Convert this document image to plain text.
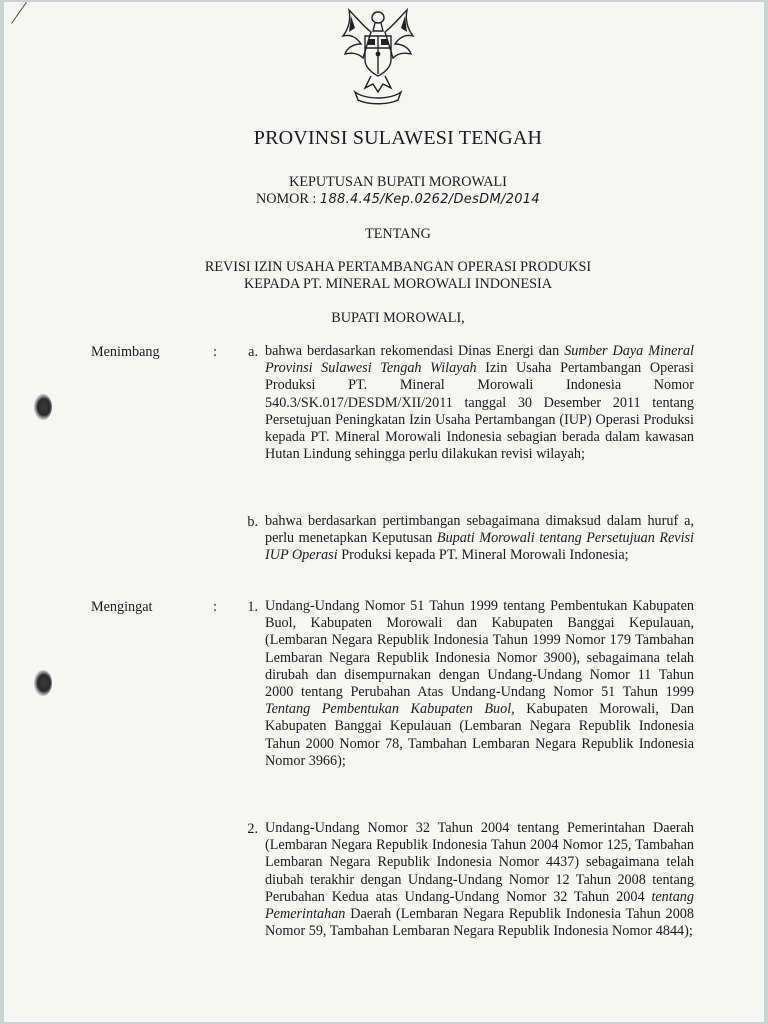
PROVINSI SULAWESI TENGAH
KEPUTUSAN BUPATI MOROWALI
NOMOR : 188.4.45/Kep.0262/DesDM/2014
TENTANG
REVISI IZIN USAHA PERTAMBANGAN OPERASI PRODUKSI
KEPADA PT. MINERAL MOROWALI INDONESIA
BUPATI MOROWALI,
Menimbang	:	a. bahwa berdasarkan rekomendasi Dinas Energi dan Sumber Daya Mineral Provinsi Sulawesi Tengah Wilayah Izin Usaha Pertambangan Operasi Produksi PT. Mineral Morowali Indonesia Nomor 540.3/SK.017/DESDM/XII/2011 tanggal 30 Desember 2011 tentang Persetujuan Peningkatan Izin Usaha Pertambangan (IUP) Operasi Produksi kepada PT. Mineral Morowali Indonesia sebagian berada dalam kawasan Hutan Lindung sehingga perlu dilakukan revisi wilayah;
b. bahwa berdasarkan pertimbangan sebagaimana dimaksud dalam huruf a, perlu menetapkan Keputusan Bupati Morowali tentang Persetujuan Revisi IUP Operasi Produksi kepada PT. Mineral Morowali Indonesia;
Mengingat	:	1. Undang-Undang Nomor 51 Tahun 1999 tentang Pembentukan Kabupaten Buol, Kabupaten Morowali dan Kabupaten Banggai Kepulauan, (Lembaran Negara Republik Indonesia Tahun 1999 Nomor 179 Tambahan Lembaran Negara Republik Indonesia Nomor 3900), sebagaimana telah dirubah dan disempurnakan dengan Undang-Undang Nomor 11 Tahun 2000 tentang Perubahan Atas Undang-Undang Nomor 51 Tahun 1999 Tentang Pembentukan Kabupaten Buol, Kabupaten Morowali, Dan Kabupaten Banggai Kepulauan (Lembaran Negara Republik Indonesia Tahun 2000 Nomor 78, Tambahan Lembaran Negara Republik Indonesia Nomor 3966);
2. Undang-Undang Nomor 32 Tahun 2004 tentang Pemerintahan Daerah (Lembaran Negara Republik Indonesia Tahun 2004 Nomor 125, Tambahan Lembaran Negara Republik Indonesia Nomor 4437) sebagaimana telah diubah terakhir dengan Undang-Undang Nomor 12 Tahun 2008 tentang Perubahan Kedua atas Undang-Undang Nomor 32 Tahun 2004 tentang Pemerintahan Daerah (Lembaran Negara Republik Indonesia Tahun 2008 Nomor 59, Tambahan Lembaran Negara Republik Indonesia Nomor 4844);
